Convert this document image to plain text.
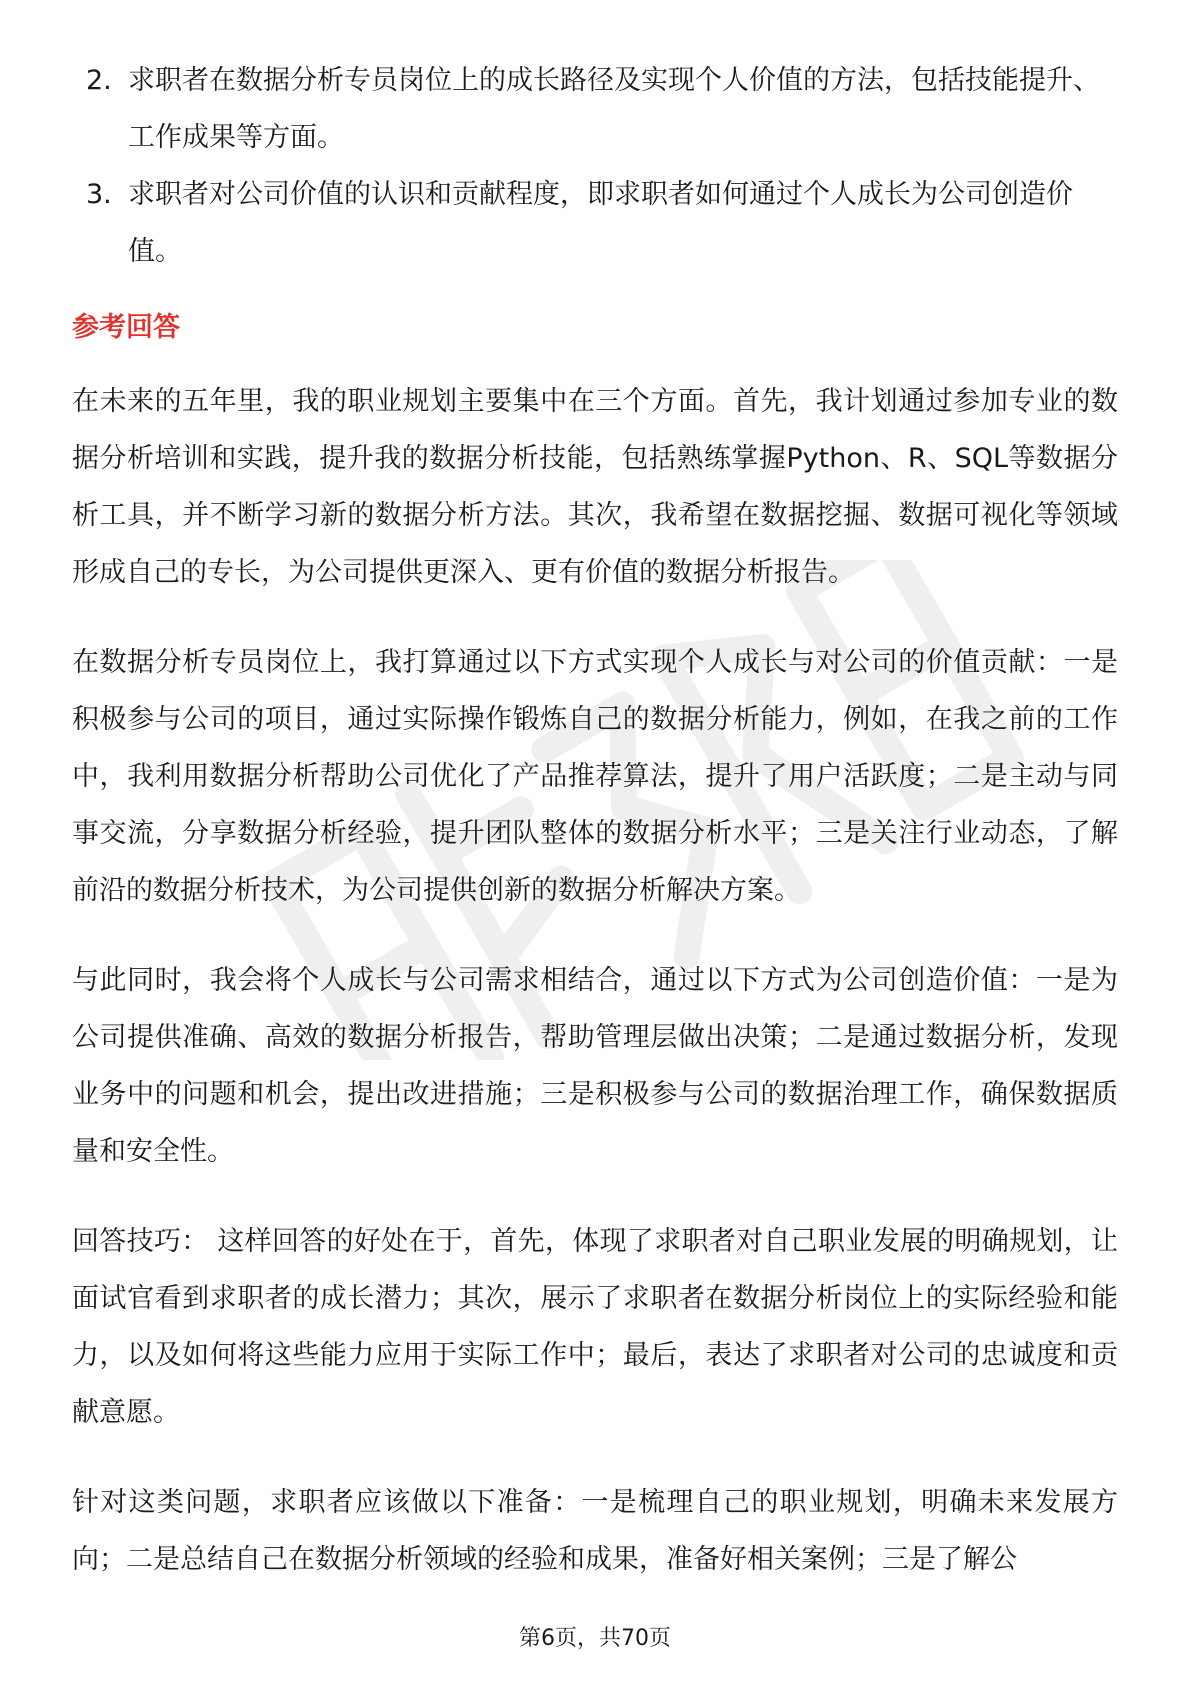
2. 求职者在数据分析专员岗位上的成长路径及实现个人价值的方法，包括技能提升、工作成果等方面。
3. 求职者对公司价值的认识和贡献程度，即求职者如何通过个人成长为公司创造价值。
参考回答

在未来的五年里，我的职业规划主要集中在三个方面。首先，我计划通过参加专业的数据分析培训和实践，提升我的数据分析技能，包括熟练掌握Python、R、SQL等数据分析工具，并不断学习新的数据分析方法。其次，我希望在数据挖掘、数据可视化等领域形成自己的专长，为公司提供更深入、更有价值的数据分析报告。

在数据分析专员岗位上，我打算通过以下方式实现个人成长与对公司的价值贡献：一是积极参与公司的项目，通过实际操作锻炼自己的数据分析能力，例如，在我之前的工作中，我利用数据分析帮助公司优化了产品推荐算法，提升了用户活跃度；二是主动与同事交流，分享数据分析经验，提升团队整体的数据分析水平；三是关注行业动态，了解前沿的数据分析技术，为公司提供创新的数据分析解决方案。

与此同时，我会将个人成长与公司需求相结合，通过以下方式为公司创造价值：一是为公司提供准确、高效的数据分析报告，帮助管理层做出决策；二是通过数据分析，发现业务中的问题和机会，提出改进措施；三是积极参与公司的数据治理工作，确保数据质量和安全性。

回答技巧： 这样回答的好处在于，首先，体现了求职者对自己职业发展的明确规划，让面试官看到求职者的成长潜力；其次，展示了求职者在数据分析岗位上的实际经验和能力，以及如何将这些能力应用于实际工作中；最后，表达了求职者对公司的忠诚度和贡献意愿。

针对这类问题，求职者应该做以下准备：一是梳理自己的职业规划，明确未来发展方向；二是总结自己在数据分析领域的经验和成果，准备好相关案例；三是了解公

第6页，共70页
